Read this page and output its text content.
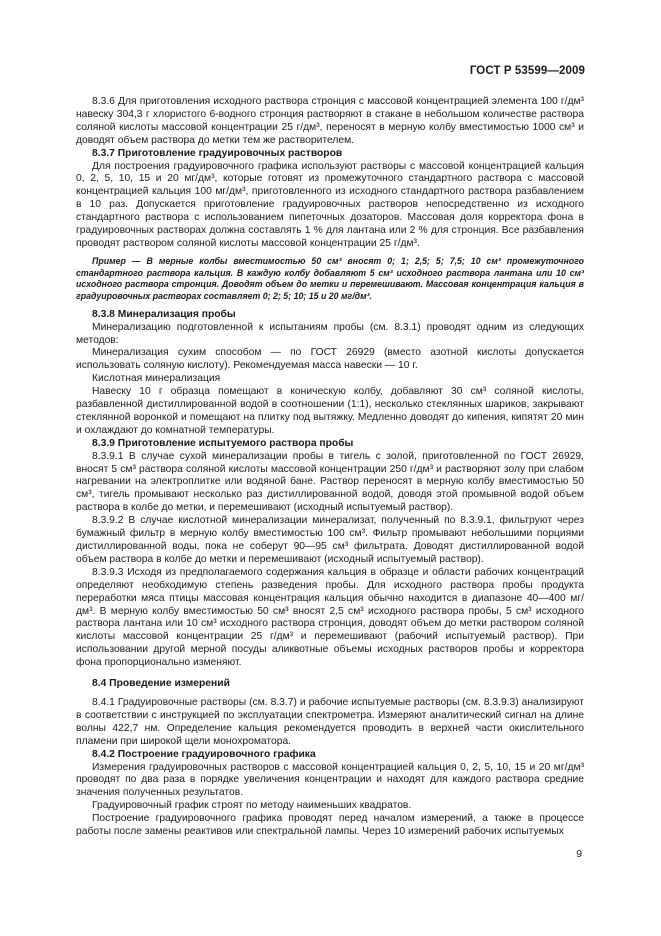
ГОСТ Р 53599—2009

8.3.6 Для приготовления исходного раствора стронция с массовой концентрацией элемента 100 г/дм³ навеску 304,3 г хлористого 6-водного стронция растворяют в стакане в небольшом количестве раствора соляной кислоты массовой концентрации 25 г/дм³, переносят в мерную колбу вместимостью 1000 см³ и доводят объем раствора до метки тем же растворителем.

8.3.7 Приготовление градуировочных растворов

Для построения градуировочного графика используют растворы с массовой концентрацией кальция 0, 2, 5, 10, 15 и 20 мг/дм³, которые готовят из промежуточного стандартного раствора с массовой концентрацией кальция 100 мг/дм³, приготовленного из исходного стандартного раствора разбавлением в 10 раз. Допускается приготовление градуировочных растворов непосредственно из исходного стандартного раствора с использованием пипеточных дозаторов. Массовая доля корректора фона в градуировочных растворах должна составлять 1 % для лантана или 2 % для стронция. Все разбавления проводят раствором соляной кислоты массовой концентрации 25 г/дм³.

Пример — В мерные колбы вместимостью 50 см³ вносят 0; 1; 2,5; 5; 7,5; 10 см³ промежуточного стандартного раствора кальция. В каждую колбу добавляют 5 см³ исходного раствора лантана или 10 см³ исходного раствора стронция. Доводят объем до метки и перемешивают. Массовая концентрация кальция в градуировочных растворах составляет 0; 2; 5; 10; 15 и 20 мг/дм³.

8.3.8 Минерализация пробы

Минерализацию подготовленной к испытаниям пробы (см. 8.3.1) проводят одним из следующих методов:

Минерализация сухим способом — по ГОСТ 26929 (вместо азотной кислоты допускается использовать соляную кислоту). Рекомендуемая масса навески — 10 г.

Кислотная минерализация

Навеску 10 г образца помещают в коническую колбу, добавляют 30 см³ соляной кислоты, разбавленной дистиллированной водой в соотношении (1:1), несколько стеклянных шариков, закрывают стеклянной воронкой и помещают на плитку под вытяжку. Медленно доводят до кипения, кипятят 20 мин и охлаждают до комнатной температуры.

8.3.9 Приготовление испытуемого раствора пробы

8.3.9.1 В случае сухой минерализации пробы в тигель с золой, приготовленной по ГОСТ 26929, вносят 5 см³ раствора соляной кислоты массовой концентрации 250 г/дм³ и растворяют золу при слабом нагревании на электроплитке или водяной бане. Раствор переносят в мерную колбу вместимостью 50 см³, тигель промывают несколько раз дистиллированной водой, доводя этой промывной водой объем раствора в колбе до метки, и перемешивают (исходный испытуемый раствор).

8.3.9.2 В случае кислотной минерализации минерализат, полученный по 8.3.9.1, фильтруют через бумажный фильтр в мерную колбу вместимостью 100 см³. Фильтр промывают небольшими порциями дистиллированной воды, пока не соберут 90—95 см³ фильтрата. Доводят дистиллированной водой объем раствора в колбе до метки и перемешивают (исходный испытуемый раствор).

8.3.9.3 Исходя из предполагаемого содержания кальция в образце и области рабочих концентраций определяют необходимую степень разведения пробы. Для исходного раствора пробы продукта переработки мяса птицы массовая концентрация кальция обычно находится в диапазоне 40—400 мг/дм³. В мерную колбу вместимостью 50 см³ вносят 2,5 см³ исходного раствора пробы, 5 см³ исходного раствора лантана или 10 см³ исходного раствора стронция, доводят объем до метки раствором соляной кислоты массовой концентрации 25 г/дм³ и перемешивают (рабочий испытуемый раствор). При использовании другой мерной посуды аликвотные объемы исходных растворов пробы и корректора фона пропорционально изменяют.

8.4 Проведение измерений

8.4.1 Градуировочные растворы (см. 8.3.7) и рабочие испытуемые растворы (см. 8.3.9.3) анализируют в соответствии с инструкцией по эксплуатации спектрометра. Измеряют аналитический сигнал на длине волны 422,7 нм. Определение кальция рекомендуется проводить в верхней части окислительного пламени при широкой щели монохроматора.

8.4.2 Построение градуировочного графика

Измерения градуировочных растворов с массовой концентрацией кальция 0, 2, 5, 10, 15 и 20 мг/дм³ проводят по два раза в порядке увеличения концентрации и находят для каждого раствора средние значения полученных результатов.

Градуировочный график строят по методу наименьших квадратов.

Построение градуировочного графика проводят перед началом измерений, а также в процессе работы после замены реактивов или спектральной лампы. Через 10 измерений рабочих испытуемых

9
